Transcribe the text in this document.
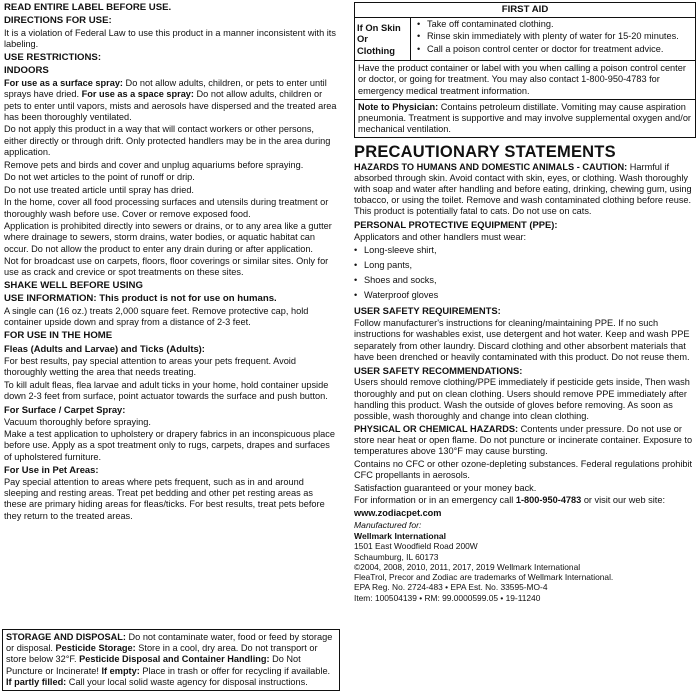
READ ENTIRE LABEL BEFORE USE.

DIRECTIONS FOR USE:

It is a violation of Federal Law to use this product in a manner inconsistent with its labeling.

USE RESTRICTIONS:

INDOORS

For use as a surface spray: Do not allow adults, children, or pets to enter until sprays have dried. For use as a space spray: Do not allow adults, children or pets to enter until vapors, mists and aerosols have dispersed and the treated area has been thoroughly ventilated.

Do not apply this product in a way that will contact workers or other persons, either directly or through drift. Only protected handlers may be in the area during application.

Remove pets and birds and cover and unplug aquariums before spraying.

Do not wet articles to the point of runoff or drip.

Do not use treated article until spray has dried.

In the home, cover all food processing surfaces and utensils during treatment or thoroughly wash before use. Cover or remove exposed food.

Application is prohibited directly into sewers or drains, or to any area like a gutter where drainage to sewers, storm drains, water bodies, or aquatic habitat can occur. Do not allow the product to enter any drain during or after application.

Not for broadcast use on carpets, floors, floor coverings or similar sites. Only for use as crack and crevice or spot treatments on these sites.

SHAKE WELL BEFORE USING

USE INFORMATION: This product is not for use on humans.

A single can (16 oz.) treats 2,000 square feet. Remove protective cap, hold container upside down and spray from a distance of 2-3 feet.

FOR USE IN THE HOME

Fleas (Adults and Larvae) and Ticks (Adults):

For best results, pay special attention to areas your pets frequent. Avoid thoroughly wetting the area that needs treating.

To kill adult fleas, flea larvae and adult ticks in your home, hold container upside down 2-3 feet from surface, point actuator towards the surface and push button.

For Surface / Carpet Spray:

Vacuum thoroughly before spraying.

Make a test application to upholstery or drapery fabrics in an inconspicuous place before use. Apply as a spot treatment only to rugs, carpets, drapes and surfaces of upholstered furniture.

For Use in Pet Areas:

Pay special attention to areas where pets frequent, such as in and around sleeping and resting areas. Treat pet bedding and other pet resting areas as these are primary hiding areas for fleas/ticks. For best results, treat pets before they return to the treated areas.

STORAGE AND DISPOSAL: Do not contaminate water, food or feed by storage or disposal. Pesticide Storage: Store in a cool, dry area. Do not transport or store below 32°F. Pesticide Disposal and Container Handling: Do Not Puncture or Incinerate! If empty: Place in trash or offer for recycling if available. If partly filled: Call your local solid waste agency for disposal instructions.
FIRST AID
If On Skin Or Clothing
• Take off contaminated clothing.
• Rinse skin immediately with plenty of water for 15-20 minutes.
• Call a poison control center or doctor for treatment advice.
Have the product container or label with you when calling a poison control center or doctor, or going for treatment. You may also contact 1-800-950-4783 for emergency medical treatment information.
Note to Physician: Contains petroleum distillate. Vomiting may cause aspiration pneumonia. Treatment is supportive and may involve supplemental oxygen and/or mechanical ventilation.
PRECAUTIONARY STATEMENTS

HAZARDS TO HUMANS AND DOMESTIC ANIMALS - CAUTION: Harmful if absorbed through skin. Avoid contact with skin, eyes, or clothing. Wash thoroughly with soap and water after handling and before eating, drinking, chewing gum, using tobacco, or using the toilet. Remove and wash contaminated clothing before reuse. This product is potentially fatal to cats. Do not use on cats.

PERSONAL PROTECTIVE EQUIPMENT (PPE):

Applicators and other handlers must wear:

• Long-sleeve shirt,
• Long pants,
• Shoes and socks,
• Waterproof gloves

USER SAFETY REQUIREMENTS:

Follow manufacturer's instructions for cleaning/maintaining PPE. If no such instructions for washables exist, use detergent and hot water. Keep and wash PPE separately from other laundry. Discard clothing and other absorbent materials that have been drenched or heavily contaminated with this product. Do not reuse them.

USER SAFETY RECOMMENDATIONS:

Users should remove clothing/PPE immediately if pesticide gets inside, Then wash thoroughly and put on clean clothing. Users should remove PPE immediately after handling this product. Wash the outside of gloves before removing. As soon as possible, wash thoroughly and change into clean clothing.

PHYSICAL OR CHEMICAL HAZARDS: Contents under pressure. Do not use or store near heat or open flame. Do not puncture or incinerate container. Exposure to temperatures above 130°F may cause bursting.

Contains no CFC or other ozone-depleting substances. Federal regulations prohibit CFC propellants in aerosols.

Satisfaction guaranteed or your money back.

For information or in an emergency call 1-800-950-4783 or visit our web site:

www.zodiacpet.com

Manufactured for:
Wellmark International
1501 East Woodfield Road 200W
Schaumburg, IL 60173
©2004, 2008, 2010, 2011, 2017, 2019 Wellmark International
FleaTrol, Precor and Zodiac are trademarks of Wellmark International.
EPA Reg. No. 2724-483 • EPA Est. No. 33595-MO-4
Item: 100504139 • RM: 99.0000599.05 • 19-11240
